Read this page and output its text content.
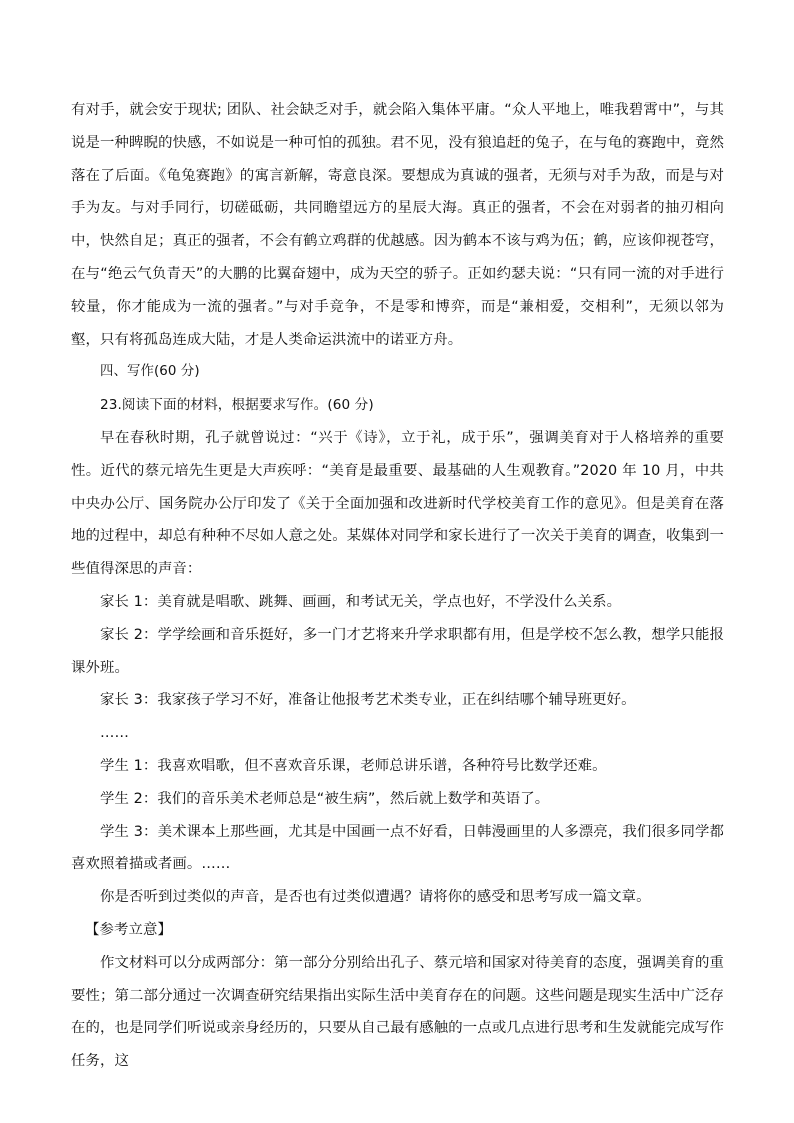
有对手，就会安于现状; 团队、社会缺乏对手，就会陷入集体平庸。“众人平地上，唯我碧霄中”，与其说是一种睥睨的快感，不如说是一种可怕的孤独。君不见，没有狼追赶的兔子，在与龟的赛跑中，竟然落在了后面。《龟兔赛跑》的寓言新解，寄意良深。要想成为真诚的强者，无须与对手为敌，而是与对手为友。与对手同行，切磋砥砺，共同瞻望远方的星辰大海。真正的强者，不会在对弱者的抽刃相向中，快然自足；真正的强者，不会有鹤立鸡群的优越感。因为鹤本不该与鸡为伍；鹤，应该仰视苍穹，在与“绝云气负青天”的大鹏的比翼奋翅中，成为天空的骄子。正如约瑟夫说：“只有同一流的对手进行较量，你才能成为一流的强者。”与对手竞争，不是零和博弈，而是“兼相爱，交相利”，无须以邻为壑，只有将孤岛连成大陆，才是人类命运洪流中的诺亚方舟。

四、写作(60 分)

23.阅读下面的材料，根据要求写作。(60 分)

早在春秋时期，孔子就曾说过：“兴于《诗》，立于礼，成于乐”，强调美育对于人格培养的重要性。近代的蔡元培先生更是大声疾呼：“美育是最重要、最基础的人生观教育。”2020 年 10 月，中共中央办公厅、国务院办公厅印发了《关于全面加强和改进新时代学校美育工作的意见》。但是美育在落地的过程中，却总有种种不尽如人意之处。某媒体对同学和家长进行了一次关于美育的调查，收集到一些值得深思的声音：

家长 1：美育就是唱歌、跳舞、画画，和考试无关，学点也好，不学没什么关系。

家长 2：学学绘画和音乐挺好，多一门才艺将来升学求职都有用，但是学校不怎么教，想学只能报课外班。

家长 3：我家孩子学习不好，准备让他报考艺术类专业，正在纠结哪个辅导班更好。

……

学生 1：我喜欢唱歌，但不喜欢音乐课，老师总讲乐谱，各种符号比数学还难。

学生 2：我们的音乐美术老师总是“被生病”，然后就上数学和英语了。

学生 3：美术课本上那些画，尤其是中国画一点不好看，日韩漫画里的人多漂亮，我们很多同学都喜欢照着描或者画。……

你是否听到过类似的声音，是否也有过类似遭遇？请将你的感受和思考写成一篇文章。

【参考立意】

作文材料可以分成两部分：第一部分分别给出孔子、蔡元培和国家对待美育的态度，强调美育的重要性；第二部分通过一次调查研究结果指出实际生活中美育存在的问题。这些问题是现实生活中广泛存在的，也是同学们听说或亲身经历的，只要从自己最有感触的一点或几点进行思考和生发就能完成写作任务，这
